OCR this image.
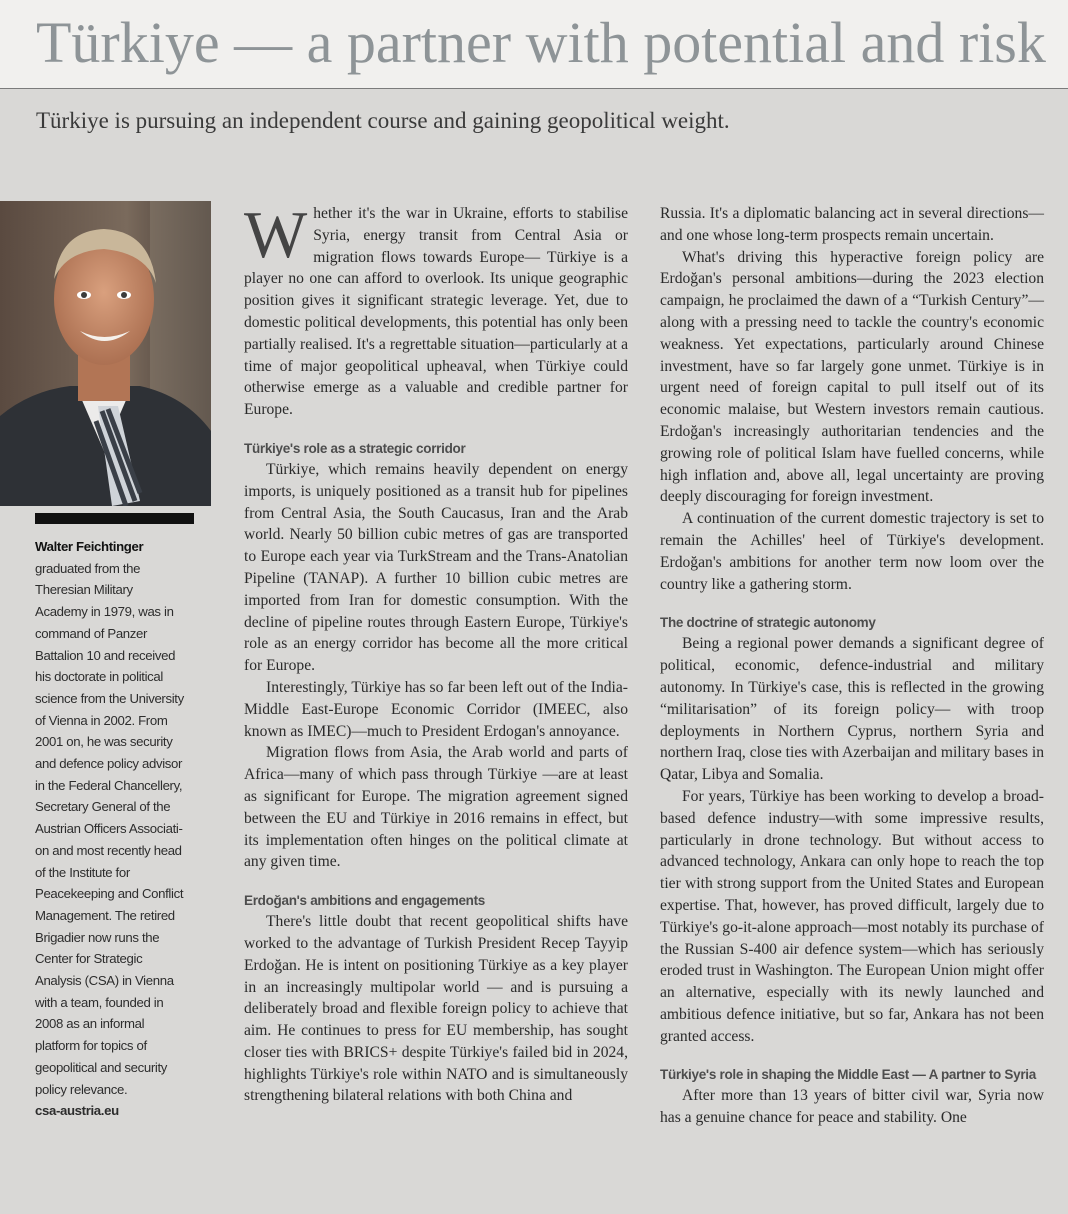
Türkiye — a partner with potential and risk
Türkiye is pursuing an independent course and gaining geopolitical weight.
Walter Feichtinger
graduated from the
Theresian Military
Academy in 1979, was in
command of Panzer
Battalion 10 and received
his doctorate in political
science from the University
of Vienna in 2002. From
2001 on, he was security
and defence policy advisor
in the Federal Chancellery,
Secretary General of the
Austrian Officers Associati-
on and most recently head
of the Institute for
Peacekeeping and Conflict
Management. The retired
Brigadier now runs the
Center for Strategic
Analysis (CSA) in Vienna
with a team, founded in
2008 as an informal
platform for topics of
geopolitical and security
policy relevance.
csa-austria.eu

Whether it's the war in Ukraine, efforts to stabilise Syria, energy transit from Central Asia or migration flows towards Europe— Türkiye is a player no one can afford to overlook. Its unique geographic position gives it significant strategic leverage. Yet, due to domestic political developments, this potential has only been partially realised. It's a regrettable situation—particularly at a time of major geopolitical upheaval, when Türkiye could otherwise emerge as a valuable and credible partner for Europe.

Türkiye's role as a strategic corridor

Türkiye, which remains heavily dependent on energy imports, is uniquely positioned as a transit hub for pipelines from Central Asia, the South Caucasus, Iran and the Arab world. Nearly 50 billion cubic metres of gas are transported to Europe each year via TurkStream and the Trans-Anatolian Pipeline (TANAP). A further 10 billion cubic metres are imported from Iran for domestic consumption. With the decline of pipeline routes through Eastern Europe, Türkiye's role as an energy corridor has become all the more critical for Europe.

Interestingly, Türkiye has so far been left out of the India-Middle East-Europe Economic Corridor (IMEEC, also known as IMEC)—much to President Erdogan's annoyance.

Migration flows from Asia, the Arab world and parts of Africa—many of which pass through Türkiye —are at least as significant for Europe. The migration agreement signed between the EU and Türkiye in 2016 remains in effect, but its implementation often hinges on the political climate at any given time.

Erdoğan's ambitions and engagements

There's little doubt that recent geopolitical shifts have worked to the advantage of Turkish President Recep Tayyip Erdoğan. He is intent on positioning Türkiye as a key player in an increasingly multipolar world — and is pursuing a deliberately broad and flexible foreign policy to achieve that aim. He continues to press for EU membership, has sought closer ties with BRICS+ despite Türkiye's failed bid in 2024, highlights Türkiye's role within NATO and is simultaneously strengthening bilateral relations with both China and

Russia. It's a diplomatic balancing act in several directions—and one whose long-term prospects remain uncertain.

What's driving this hyperactive foreign policy are Erdoğan's personal ambitions—during the 2023 election campaign, he proclaimed the dawn of a “Turkish Century”—along with a pressing need to tackle the country's economic weakness. Yet expectations, particularly around Chinese investment, have so far largely gone unmet. Türkiye is in urgent need of foreign capital to pull itself out of its economic malaise, but Western investors remain cautious. Erdoğan's increasingly authoritarian tendencies and the growing role of political Islam have fuelled concerns, while high inflation and, above all, legal uncertainty are proving deeply discouraging for foreign investment.

A continuation of the current domestic trajectory is set to remain the Achilles' heel of Türkiye's development. Erdoğan's ambitions for another term now loom over the country like a gathering storm.

The doctrine of strategic autonomy

Being a regional power demands a significant degree of political, economic, defence-industrial and military autonomy. In Türkiye's case, this is reflected in the growing “militarisation” of its foreign policy— with troop deployments in Northern Cyprus, northern Syria and northern Iraq, close ties with Azerbaijan and military bases in Qatar, Libya and Somalia.

For years, Türkiye has been working to develop a broad-based defence industry—with some impressive results, particularly in drone technology. But without access to advanced technology, Ankara can only hope to reach the top tier with strong support from the United States and European expertise. That, however, has proved difficult, largely due to Türkiye's go-it-alone approach—most notably its purchase of the Russian S-400 air defence system—which has seriously eroded trust in Washington. The European Union might offer an alternative, especially with its newly launched and ambitious defence initiative, but so far, Ankara has not been granted access.

Türkiye's role in shaping the Middle East — A partner to Syria

After more than 13 years of bitter civil war, Syria now has a genuine chance for peace and stability. One
